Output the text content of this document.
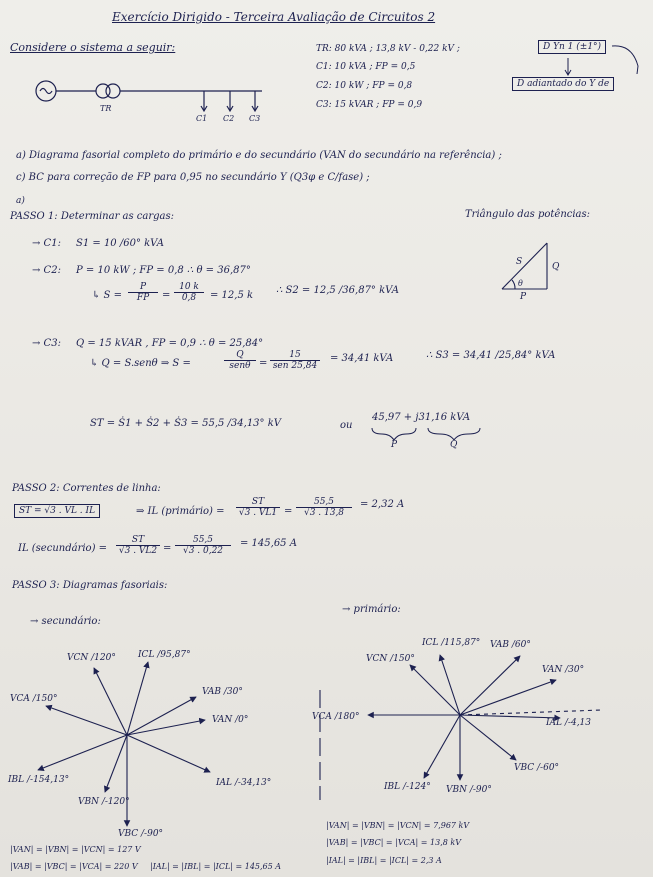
Exercício Dirigido - Terceira Avaliação de Circuitos 2
Considere o sistema a seguir:
TR
C1 C2 C3
TR: 80 kVA ; 13,8 kV - 0,22 kV ;	D Yn 1 (±1°)
D adiantado do Y de
C1: 10 kVA ; FP = 0,5
C2: 10 kW ; FP = 0,8
C3: 15 kVAR ; FP = 0,9
a) Diagrama fasorial completo do primário e do secundário (VAN do secundário na referência) ;
c) BC para correção de FP para 0,95 no secundário Y (Q3φ e C/fase) ;
a)
PASSO 1: Determinar as cargas:	Triângulo das potências:
S	Q
P
θ
→ C1: S1 = 10 /60° kVA
→ C2: P = 10 kW ; FP = 0,8 ∴ θ = 36,87°
↳ $S = \frac{P}{FP} = \frac{10 k}{0,8} = 12,5$ k ∴ S2 = 12,5 /36,87° kVA
→ C3: Q = 15 kVAR , FP = 0,9 ∴ θ = 25,84°
↳ Q = S.senθ ⇒ S =
Q
senθ =
15
sen 25,84
= 34,41 kVA	∴ S3 = 34,41 /25,84° kVA
ST = Ṡ1 + Ṡ2 + Ṡ3 = 55,5 /34,13° kV	ou
45,97 + j31,16 kVA
P	Q
PASSO 2: Correntes de linha:
ST = √3 . VL . IL	⇒ IL (primário) = $\frac{ST}{√3 . VL1} = \frac{55,5}{√3 . 13,8} = 2,32$ A
IL (secundário) = $\frac{ST}{√3 . VL2} = \frac{55,5}{√3 . 0,22} = 145,65$ A
PASSO 3: Diagramas fasoriais:
→ secundário:
→ primário:
VCN /120° ICL /95,87°
VCA /150°
VAB /30°
VAN /0°
IBL /-154,13°	IAL /-34,13°
VBN /-120°
VBC /-90°
VCN /150°
ICL /115,87° VAB /60°
VAN /30°
VCA /180°
IAL /-4,13
IBL /-124° VBN /-90°
VBC /-60°
|VAN| = |VBN| = |VCN| = 127 V
|VAB| = |VBC| = |VCA| = 220 V |IAL| = |IBL| = |ICL| = 145,65 A
|VAN| = |VBN| = |VCN| = 7,967 kV
|VAB| = |VBC| = |VCA| = 13,8 kV
|IAL| = |IBL| = |ICL| = 2,3 A
